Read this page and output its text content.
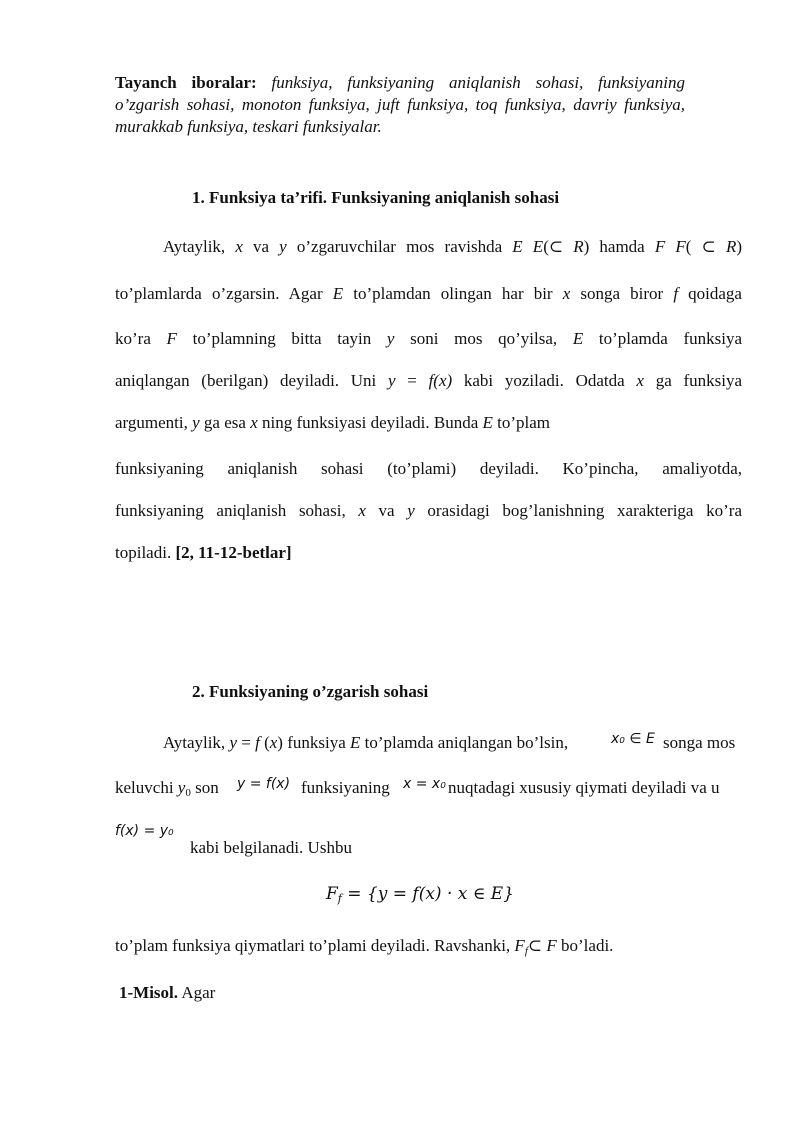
Tayanch iboralar: funksiya, funksiyaning aniqlanish sohasi, funksiyaning o’zgarish sohasi, monoton funksiya, juft funksiya, toq funksiya, davriy funksiya, murakkab funksiya, teskari funksiyalar.
1. Funksiya ta’rifi. Funksiyaning aniqlanish sohasi
Aytaylik, x va y o’zgaruvchilar mos ravishda E E(⊂ R) hamda F F( ⊂ R)
to’plamlarda o’zgarsin. Agar E to’plamdan olingan har bir x songa biror f qoidaga
ko’ra F to’plamning bitta tayin y soni mos qo’yilsa, E to’plamda funksiya
aniqlangan (berilgan) deyiladi. Uni y = f(x) kabi yoziladi. Odatda x ga funksiya
argumenti, y ga esa x ning funksiyasi deyiladi. Bunda E to’plam
funksiyaning aniqlanish sohasi (to’plami) deyiladi. Ko’pincha, amaliyotda,
funksiyaning aniqlanish sohasi, x va y orasidagi bog’lanishning xarakteriga ko’ra
topiladi. [2, 11-12-betlar]
2. Funksiyaning o’zgarish sohasi
Aytaylik, y = f (x) funksiya E to’plamda aniqlangan bo’lsin,	x₀ ∈ E songa mos
keluvchi $y_0$ son y = f(x) funksiyaning x = x₀ nuqtadagi xususiy qiymati deyiladi va u
f(x) = y₀
kabi belgilanadi. Ushbu
$F_f = \{y = f(x) \cdot x$ ∈ E}
to’plam funksiya qiymatlari to’plami deyiladi. Ravshanki, $F_f\subset$ F bo’ladi.
1-Misol. Agar
